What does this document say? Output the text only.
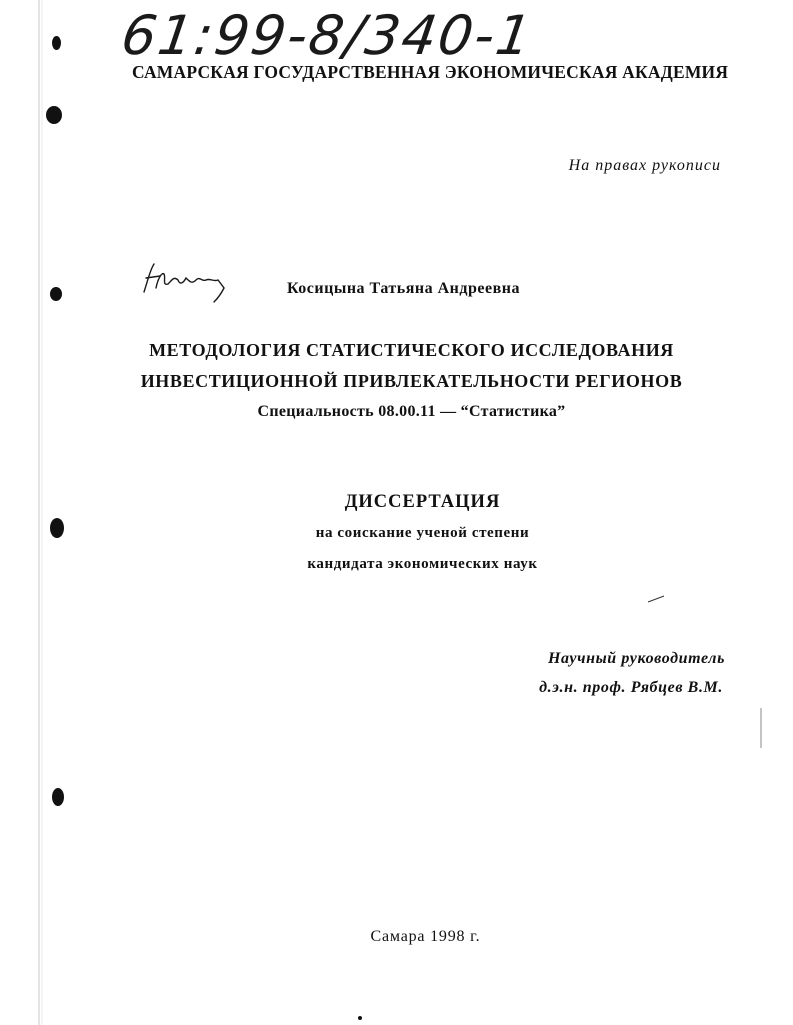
61:99-8/340-1
САМАРСКАЯ ГОСУДАРСТВЕННАЯ ЭКОНОМИЧЕСКАЯ АКАДЕМИЯ
На правах рукописи
Косицына Татьяна Андреевна
МЕТОДОЛОГИЯ СТАТИСТИЧЕСКОГО ИССЛЕДОВАНИЯ
ИНВЕСТИЦИОННОЙ ПРИВЛЕКАТЕЛЬНОСТИ РЕГИОНОВ
Специальность 08.00.11 — “Статистика”
ДИССЕРТАЦИЯ
на соискание ученой степени
кандидата экономических наук
Научный руководитель
д.э.н. проф. Рябцев В.М.
Самара 1998 г.
